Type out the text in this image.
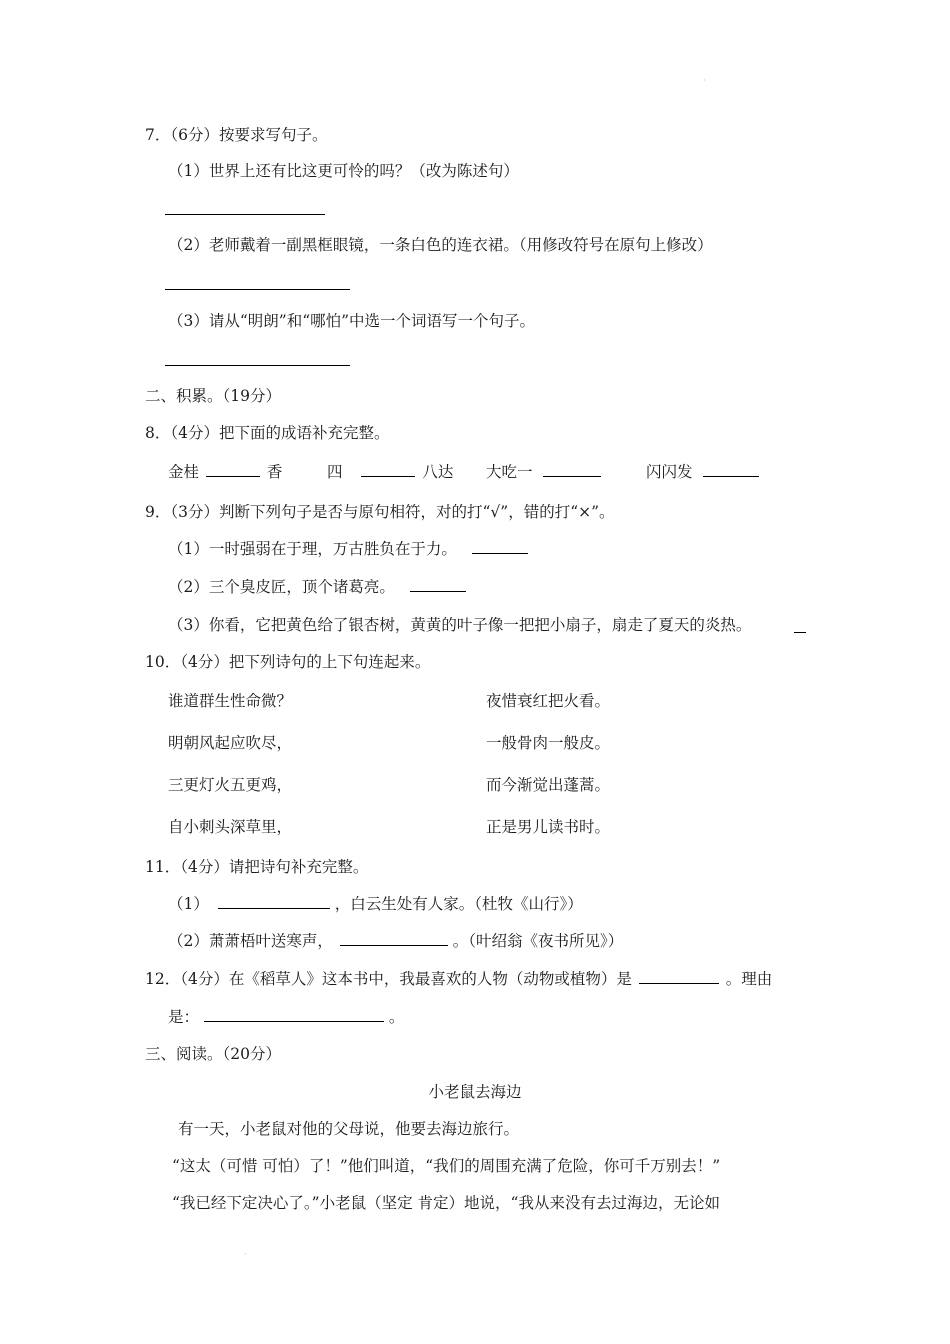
·
7．（6分）按要求写句子。
（1）世界上还有比这更可怜的吗？（改为陈述句）
（2）老师戴着一副黑框眼镜，一条白色的连衣裙。（用修改符号在原句上修改）
（3）请从“明朗”和“哪怕”中选一个词语写一个句子。
二、积累。（19分）
8．（4分）把下面的成语补充完整。
金桂	香	四	八达 大吃一	闪闪发
9．（3分）判断下列句子是否与原句相符，对的打“√”，错的打“×”。
（1）一时强弱在于理，万古胜负在于力。
（2）三个臭皮匠，顶个诸葛亮。
（3）你看，它把黄色给了银杏树，黄黄的叶子像一把把小扇子，扇走了夏天的炎热。
10．（4分）把下列诗句的上下句连起来。
谁道群生性命微？	夜惜衰红把火看。
明朝风起应吹尽，	一般骨肉一般皮。
三更灯火五更鸡，	而今渐觉出蓬蒿。
自小刺头深草里，	正是男儿读书时。
11．（4分）请把诗句补充完整。
（1）	，白云生处有人家。（杜牧《山行》）
（2）萧萧梧叶送寒声，	。（叶绍翁《夜书所见》）
12．（4分）在《稻草人》这本书中，我最喜欢的人物（动物或植物）是	。理由
是：	。
三、阅读。（20分）
小老鼠去海边
有一天，小老鼠对他的父母说，他要去海边旅行。
“这太（可惜 可怕）了！”他们叫道，“我们的周围充满了危险，你可千万别去！”
“我已经下定决心了。”小老鼠（坚定 肯定）地说，“我从来没有去过海边，无论如
·
